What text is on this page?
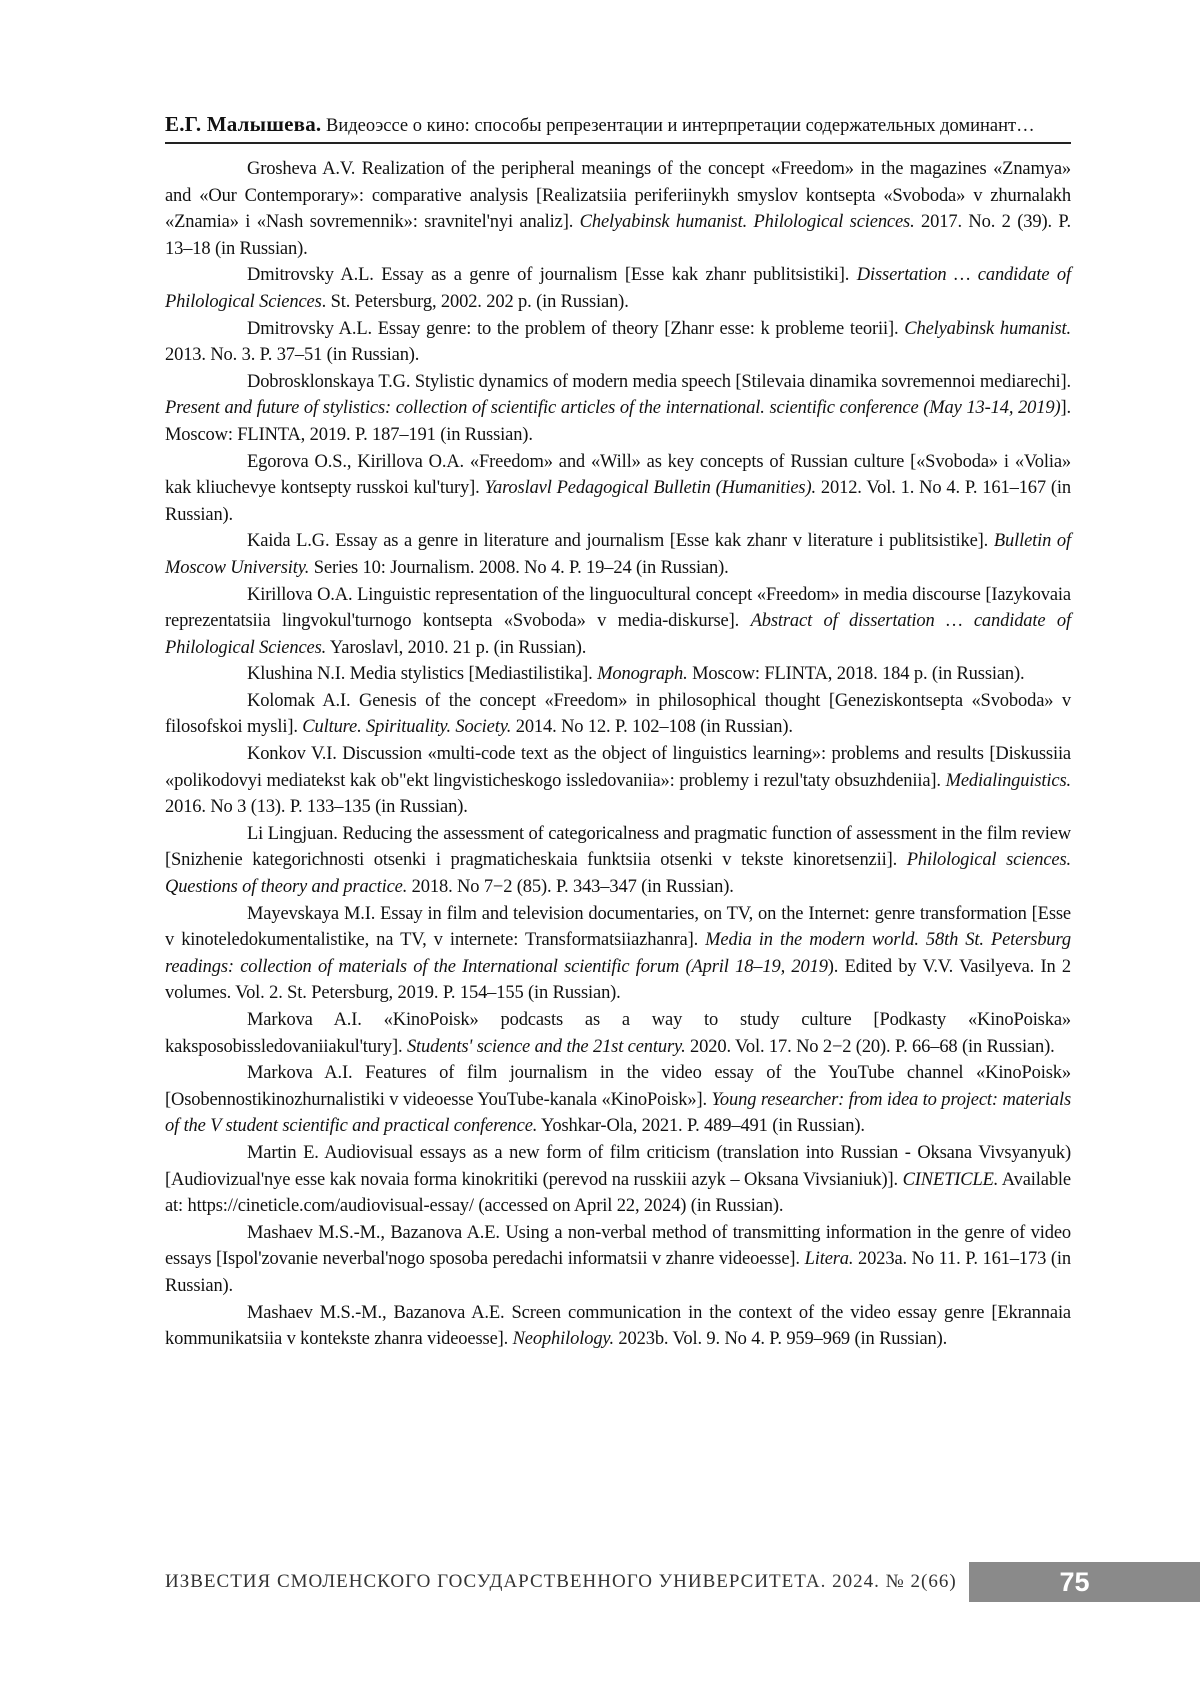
Е.Г. Малышева. Видеоэссе о кино: способы репрезентации и интерпретации содержательных доминант…

Grosheva A.V. Realization of the peripheral meanings of the concept «Freedom» in the magazines «Znamya» and «Our Contemporary»: comparative analysis [Realizatsiia periferiinykh smyslov kontsepta «Svoboda» v zhurnalakh «Znamia» i «Nash sovremennik»: sravnitel'nyi analiz]. Chelyabinsk humanist. Philological sciences. 2017. No. 2 (39). P. 13–18 (in Russian).

Dmitrovsky A.L. Essay as a genre of journalism [Esse kak zhanr publitsistiki]. Dissertation … candidate of Philological Sciences. St. Petersburg, 2002. 202 p. (in Russian).

Dmitrovsky A.L. Essay genre: to the problem of theory [Zhanr esse: k probleme teorii]. Chelyabinsk humanist. 2013. No. 3. P. 37–51 (in Russian).

Dobrosklonskaya T.G. Stylistic dynamics of modern media speech [Stilevaia dinamika sovremennoi mediarechi]. Present and future of stylistics: collection of scientific articles of the international. scientific conference (May 13-14, 2019)]. Moscow: FLINTA, 2019. P. 187–191 (in Russian).

Egorova O.S., Kirillova O.A. «Freedom» and «Will» as key concepts of Russian culture [«Svoboda» i «Volia» kak kliuchevye kontsepty russkoi kul'tury]. Yaroslavl Pedagogical Bulletin (Humanities). 2012. Vol. 1. No 4. P. 161–167 (in Russian).

Kaida L.G. Essay as a genre in literature and journalism [Esse kak zhanr v literature i publitsistike]. Bulletin of Moscow University. Series 10: Journalism. 2008. No 4. P. 19–24 (in Russian).

Kirillova O.A. Linguistic representation of the linguocultural concept «Freedom» in media discourse [Iazykovaia reprezentatsiia lingvokul'turnogo kontsepta «Svoboda» v media-diskurse]. Abstract of dissertation … candidate of Philological Sciences. Yaroslavl, 2010. 21 p. (in Russian).

Klushina N.I. Media stylistics [Mediastilistika]. Monograph. Moscow: FLINTA, 2018. 184 p. (in Russian).

Kolomak A.I. Genesis of the concept «Freedom» in philosophical thought [Geneziskontsepta «Svoboda» v filosofskoi mysli]. Culture. Spirituality. Society. 2014. No 12. P. 102–108 (in Russian).

Konkov V.I. Discussion «multi-code text as the object of linguistics learning»: problems and results [Diskussiia «polikodovyi mediatekst kak ob"ekt lingvisticheskogo issledovaniia»: problemy i rezul'taty obsuzhdeniia]. Medialinguistics. 2016. No 3 (13). P. 133–135 (in Russian).

Li Lingjuan. Reducing the assessment of categoricalness and pragmatic function of assessment in the film review [Snizhenie kategorichnosti otsenki i pragmaticheskaia funktsiia otsenki v tekste kinoretsenzii]. Philological sciences. Questions of theory and practice. 2018. No 7−2 (85). P. 343–347 (in Russian).

Mayevskaya M.I. Essay in film and television documentaries, on TV, on the Internet: genre transformation [Esse v kinoteledokumentalistike, na TV, v internete: Transformatsiiazhanra]. Media in the modern world. 58th St. Petersburg readings: collection of materials of the International scientific forum (April 18–19, 2019). Edited by V.V. Vasilyeva. In 2 volumes. Vol. 2. St. Petersburg, 2019. P. 154–155 (in Russian).

Markova A.I. «KinoPoisk» podcasts as a way to study culture [Podkasty «KinoPoiska» kaksposobissledovaniiakul'tury]. Students' science and the 21st century. 2020. Vol. 17. No 2−2 (20). P. 66–68 (in Russian).

Markova A.I. Features of film journalism in the video essay of the YouTube channel «KinoPoisk» [Osobennostikinozhurnalistiki v videoesse YouTube-kanala «KinoPoisk»]. Young researcher: from idea to project: materials of the V student scientific and practical conference. Yoshkar-Ola, 2021. P. 489–491 (in Russian).

Martin E. Audiovisual essays as a new form of film criticism (translation into Russian - Oksana Vivsyanyuk) [Audiovizual'nye esse kak novaia forma kinokritiki (perevod na russkiii azyk – Oksana Vivsianiuk)]. CINETICLE. Available at: https://cineticle.com/audiovisual-essay/ (accessed on April 22, 2024) (in Russian).

Mashaev M.S.-M., Bazanova A.E. Using a non-verbal method of transmitting information in the genre of video essays [Ispol'zovanie neverbal'nogo sposoba peredachi informatsii v zhanre videoesse]. Litera. 2023a. No 11. P. 161–173 (in Russian).

Mashaev M.S.-M., Bazanova A.E. Screen communication in the context of the video essay genre [Ekrannaia kommunikatsiia v kontekste zhanra videoesse]. Neophilology. 2023b. Vol. 9. No 4. P. 959–969 (in Russian).

ИЗВЕСТИЯ СМОЛЕНСКОГО ГОСУДАРСТВЕННОГО УНИВЕРСИТЕТА. 2024. № 2(66)	75
